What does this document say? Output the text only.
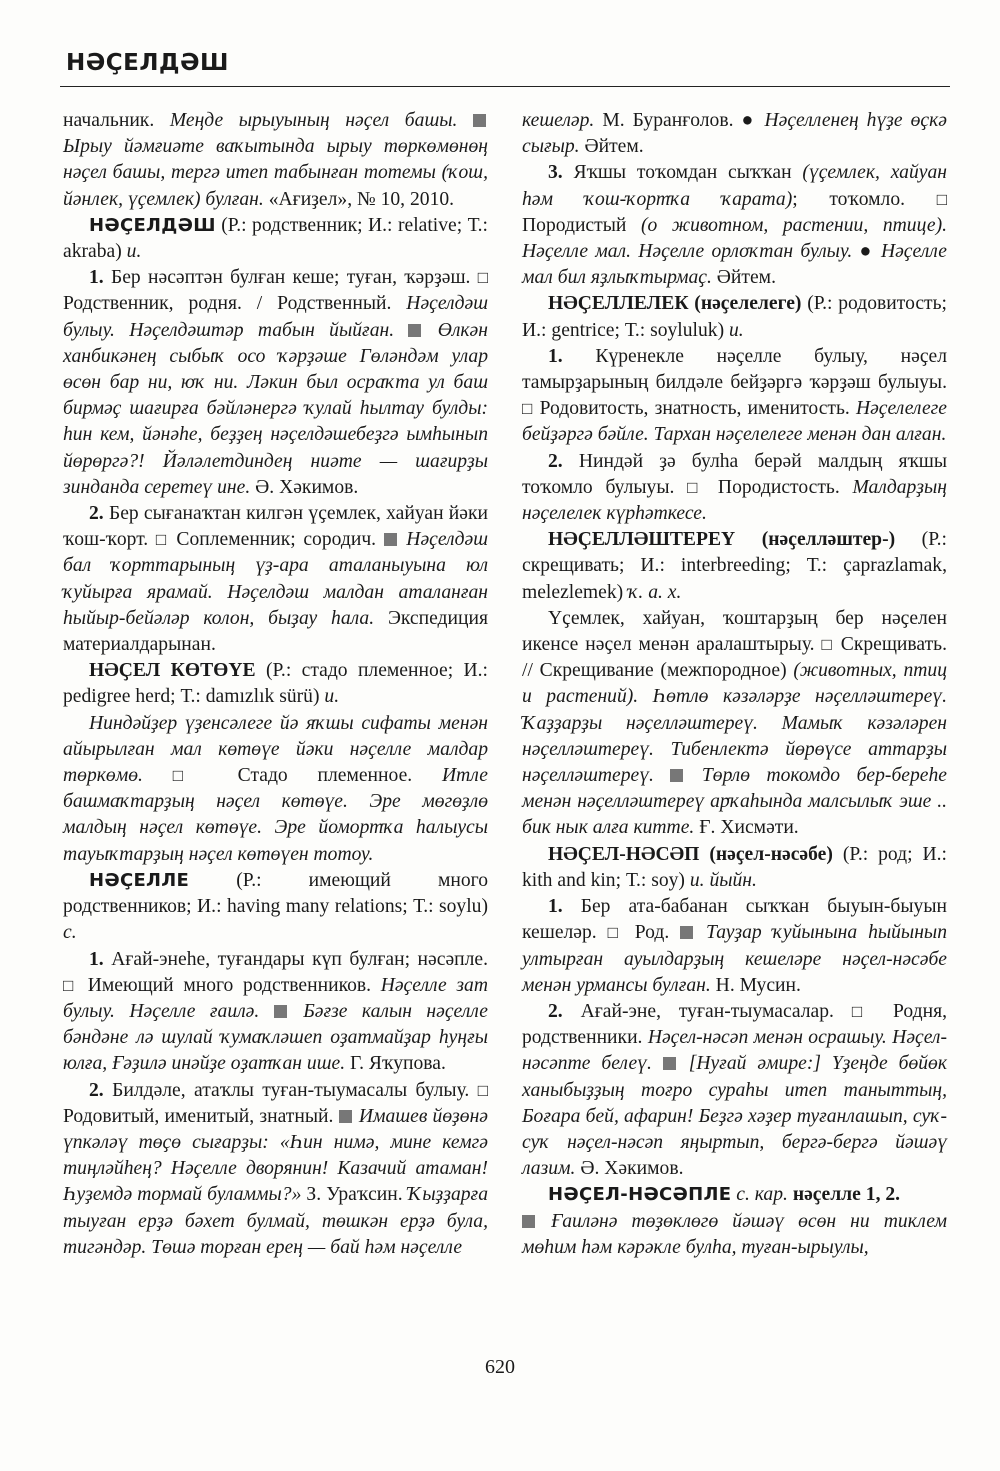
НӘҪЕЛДӘШ

начальник. Меңде ырыуының нәҫел башы.  Ырыу йәмғиәте ваҡытында ырыу төркөмөнөң нәҫел башы, тергә итеп табынған тотемы (ҡош, йәнлек, үҫемлек) булған. «Ағиҙел», № 10, 2010.

НӘҪЕЛДӘШ (Р.: родственник; И.: relative; Т.: akraba) и.

1. Бер нәсәптән булған кеше; туған, ҡәрҙәш. □ Родственник, родня. / Родственный. Нәҫелдәш булыу. Нәҫелдәштәр табын йыйған. Өлкән ханбикәнең сыбыҡ осо ҡәрҙәше Гөләндәм улар өсөн бар ни, юҡ ни. Ләкин был осраҡта ул баш бирмәҫ шағирға бәйләнергә ҡулай һылтау булды: һин кем, йәнәһе, беҙҙең нәҫелдәшебеҙгә ымһынып йөрөргә?! Йәләлетдиндең ниәте — шағирҙы зинданда серетеү ине. Ә. Хәкимов.

2. Бер сығанаҡтан килгән үҫемлек, хайуан йәки ҡош-ҡорт. □ Соплеменник; сородич.  Нәҫелдәш бал ҡорттарының үҙ-ара аталаныуына юл ҡуйырға ярамай. Нәҫелдәш малдан аталанған һыйыр-бейәләр колон, быҙау һала. Экспедиция материалдарынан.

НӘҪЕЛ КӨТӨҮЕ (Р.: стадо племенное; И.: pedigree herd; Т.: damızlık sürü) и.

Ниндәйҙер үҙенсәлеге йә яҡшы сифаты менән айырылған мал көтөүе йәки нәҫелле малдар төркөмө. □ Стадо племенное. Итле башмаҡтарҙың нәҫел көтөүе. Эре мөгөҙлө малдың нәҫел көтөүе. Эре йомортҡа һалыусы тауыҡтарҙың нәҫел көтөүен тотоу.

НӘҪЕЛЛЕ (Р.: имеющий много родственников; И.: having many relations; Т.: soylu) с.

1. Ағай-энеһе, туғандары күп булған; нәсәпле. □ Имеющий много родственников. Нәҫелле зат булыу. Нәҫелле ғаилә. Бәғзе калын нәҫелле бәндәне лә шулай ҡумаҡләшеп оҙатмайҙар һуңғы юлға, Ғәҙилә инәйҙе оҙатҡан ише. Г. Яҡупова.

2. Билдәле, атаҡлы туған-тыумасалы булыу. □ Родовитый, именитый, знатный. Имашев йөҙөнә үпкәләү төҫө сығарҙы: «Һин нимә, мине кемгә тиңләйһең? Нәҫелле дворянин! Казачий атаман! Һуҙемдә тормай буламмы?» З. Ураҡсин. Ҡыҙҙарға тыуған ерҙә бәхет булмай, төшкән ерҙә була, тигәндәр. Төшә торған ерең — бай һәм нәҫелле

кешеләр. М. Буранғолов. ● Нәҫелленең һүҙе өҫкә сығыр. Әйтем.

3. Яҡшы тоҡомдан сыҡҡан (үҫемлек, хайуан һәм ҡош-ҡортҡа ҡарата); тоҡомло. □ Породистый (о животном, растении, птице). Нәҫелле мал. Нәҫелле орлоҡтан булыу. ● Нәҫелле мал бил яҙлыҡтырмаҫ. Әйтем.

НӘҪЕЛЛЕЛЕК (нәҫелелеге) (Р.: родовитость; И.: gentrice; Т.: soyluluk) и.

1. Күренекле нәҫелле булыу, нәҫел тамырҙарының билдәле бейҙәргә ҡәрҙәш булыуы. □ Родовитость, знатность, именитость. Нәҫелелеге бейҙәргә бәйле. Тархан нәҫелелеге менән дан алған.

2. Ниндәй ҙә булһа берәй малдың яҡшы тоҡомло булыуы. □ Породистость. Малдарҙың нәҫелелек күрһәткесе.

НӘҪЕЛЛӘШТЕРЕҮ (нәҫелләштер-) (Р.: скрещивать; И.: interbreeding; Т.: çaprazlamak, melezlemek) ҡ. а. х.

Үҫемлек, хайуан, ҡоштарҙың бер нәҫелен икенсе нәҫел менән аралаштырыу. □ Скрещивать. // Скрещивание (межпородное) (животных, птиц и растений). Һөтлө кәзәләрҙе нәҫелләштереү. Ҡаҙҙарҙы нәҫелләштереү. Мамыҡ кәзәләрен нәҫелләштереү. Тибенлектә йөрөүсе аттарҙы нәҫелләштереү. Төрлө токомдо бер-береһе менән нәҫелләштереү арҡаһында малсылыҡ эше .. бик нык алға китте. Ғ. Хисмәти.

НӘҪЕЛ-НӘСӘП (нәҫел-нәсәбе) (Р.: род; И.: kith and kin; Т.: soy) и. йыйн.

1. Бер ата-бабанан сыҡҡан быуын-быуын кешеләр. □ Род.  Тауҙар ҡуйынына һыйынып ултырған ауылдарҙың кешеләре нәҫел-нәсәбе менән урмансы булған. Н. Мусин.

2. Ағай-эне, туған-тыумасалар. □ Родня, родственники. Нәҫел-нәсәп менән осрашыу. Нәҫел-нәсәпте белеү. [Нуғай әмире:] Үҙеңде бөйөк ханыбыҙҙың тоғро сураһы итеп таныттың, Боғара бей, афарин! Беҙгә хәҙер туғанлашып, суҡ-суҡ нәҫел-нәсәп яңыртып, бергә-бергә йәшәү лазим. Ә. Хәкимов.

НӘҪЕЛ-НӘСӘПЛЕ с. кар. нәҫелле 1, 2.

Ғаиләнә төҙөклөгө йәшәү өсөн ни тиклем мөһим һәм кәрәкле булһа, туған-ырыулы,

620
